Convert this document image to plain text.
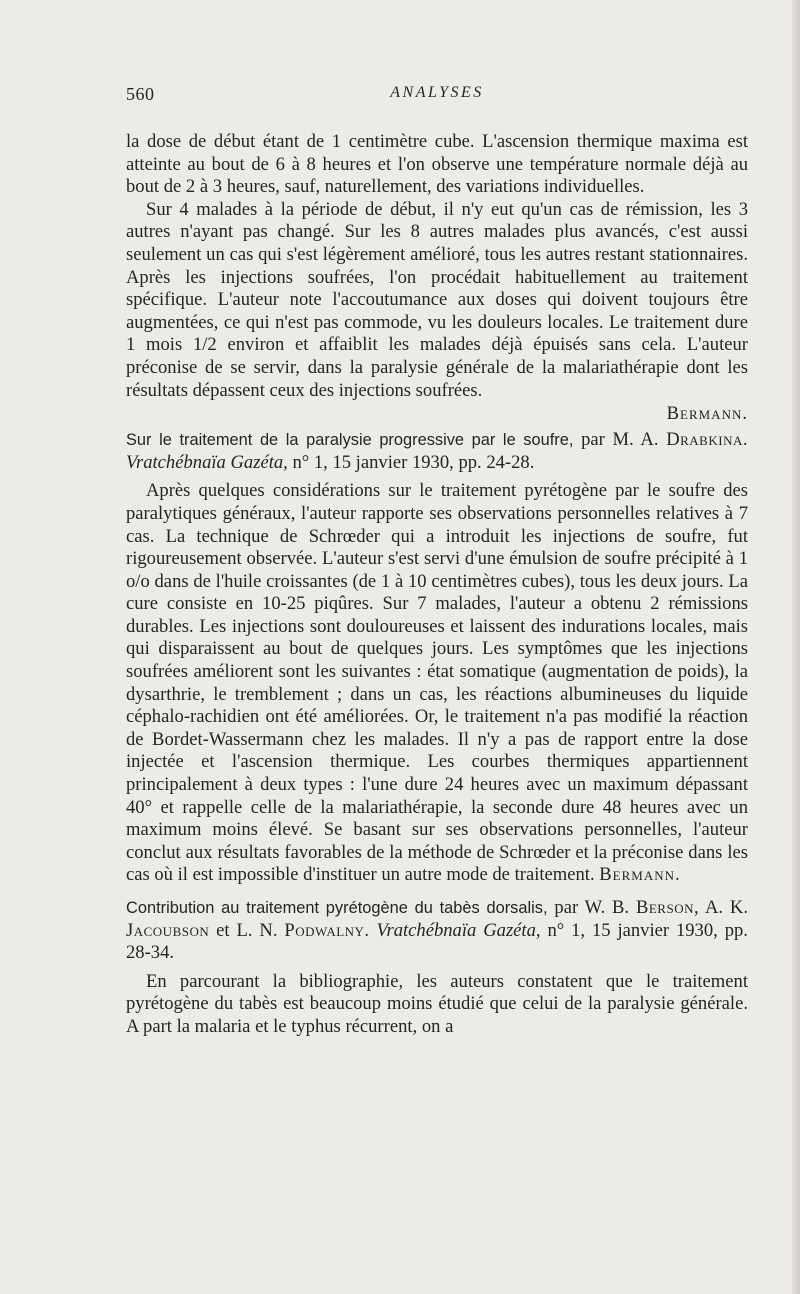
560	ANALYSES

la dose de début étant de 1 centimètre cube. L'ascension thermique maxima est atteinte au bout de 6 à 8 heures et l'on observe une température normale déjà au bout de 2 à 3 heures, sauf, naturellement, des variations individuelles.

Sur 4 malades à la période de début, il n'y eut qu'un cas de rémission, les 3 autres n'ayant pas changé. Sur les 8 autres malades plus avancés, c'est aussi seulement un cas qui s'est légèrement amélioré, tous les autres restant stationnaires. Après les injections soufrées, l'on procédait habituellement au traitement spécifique. L'auteur note l'accoutumance aux doses qui doivent toujours être augmentées, ce qui n'est pas commode, vu les douleurs locales. Le traitement dure 1 mois 1/2 environ et affaiblit les malades déjà épuisés sans cela. L'auteur préconise de se servir, dans la paralysie générale de la malariathérapie dont les résultats dépassent ceux des injections soufrées.

Bermann.

Sur le traitement de la paralysie progressive par le soufre, par M. A. Drabkina. Vratchébnaïa Gazéta, n° 1, 15 janvier 1930, pp. 24-28.

Après quelques considérations sur le traitement pyrétogène par le soufre des paralytiques généraux, l'auteur rapporte ses observations personnelles relatives à 7 cas. La technique de Schrœder qui a introduit les injections de soufre, fut rigoureusement observée. L'auteur s'est servi d'une émulsion de soufre précipité à 1 o/o dans de l'huile croissantes (de 1 à 10 centimètres cubes), tous les deux jours. La cure consiste en 10-25 piqûres. Sur 7 malades, l'auteur a obtenu 2 rémissions durables. Les injections sont douloureuses et laissent des indurations locales, mais qui disparaissent au bout de quelques jours. Les symptômes que les injections soufrées améliorent sont les suivantes : état somatique (augmentation de poids), la dysarthrie, le tremblement ; dans un cas, les réactions albumineuses du liquide céphalo-rachidien ont été améliorées. Or, le traitement n'a pas modifié la réaction de Bordet-Wassermann chez les malades. Il n'y a pas de rapport entre la dose injectée et l'ascension thermique. Les courbes thermiques appartiennent principalement à deux types : l'une dure 24 heures avec un maximum dépassant 40° et rappelle celle de la malariathérapie, la seconde dure 48 heures avec un maximum moins élevé. Se basant sur ses observations personnelles, l'auteur conclut aux résultats favorables de la méthode de Schrœder et la préconise dans les cas où il est impossible d'instituer un autre mode de traitement. Bermann.

Contribution au traitement pyrétogène du tabès dorsalis, par W. B. Berson, A. K. Jacoubson et L. N. Podwalny. Vratchébnaïa Gazéta, n° 1, 15 janvier 1930, pp. 28-34.

En parcourant la bibliographie, les auteurs constatent que le traitement pyrétogène du tabès est beaucoup moins étudié que celui de la paralysie générale. A part la malaria et le typhus récurrent, on a
